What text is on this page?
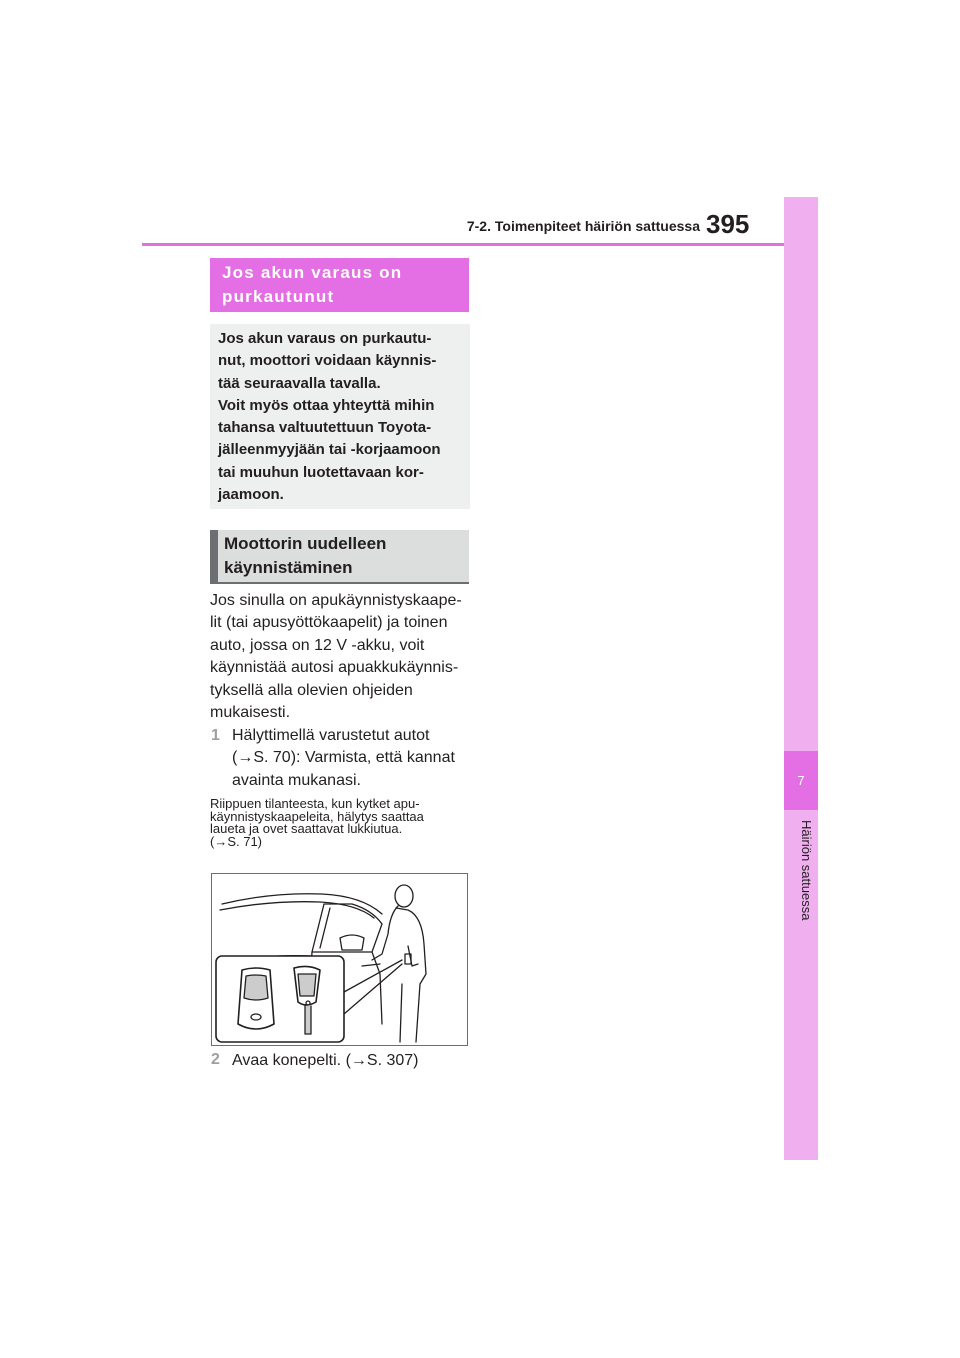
7-2. Toimenpiteet häiriön sattuessa 395
7
Häiriön sattuessa
Jos akun varaus on purkautunut
Jos akun varaus on purkautu-
nut, moottori voidaan käynnis-
tää seuraavalla tavalla.
Voit myös ottaa yhteyttä mihin
tahansa valtuutettuun Toyota-
jälleenmyyjään tai -korjaamoon
tai muuhun luotettavaan kor-
jaamoon.
Moottorin uudelleen
käynnistäminen
Jos sinulla on apukäynnistyskaape-
lit (tai apusyöttökaapelit) ja toinen
auto, jossa on 12 V -akku, voit
käynnistää autosi apuakkukäynnis-
tyksellä alla olevien ohjeiden
mukaisesti.
1 Hälyttimellä varustetut autot
(→S. 70): Varmista, että kannat
avainta mukanasi.
Riippuen tilanteesta, kun kytket apu-
käynnistyskaapeleita, hälytys saattaa
laueta ja ovet saattavat lukkiutua.
(→S. 71)
2 Avaa konepelti. (→S. 307)
